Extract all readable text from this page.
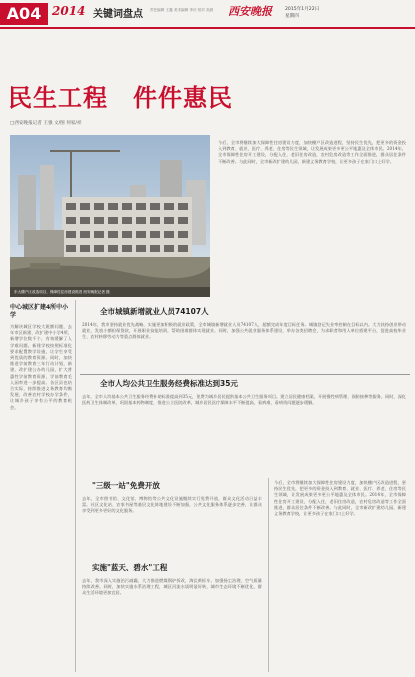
A04 2014 关键词盘点 责任编辑 王鑫 美术编辑 李庆 校对 高晨 西安晚报	2015年1月22日
星期四
民生工程　件件惠民
□西安晚报记者 王强 文/图 何家/祥
东大棚户区改造项目，保障性住房建设推进 西安晚报记者 摄
今后，全市将继续加大保障性住房建设力度，加快棚户区改造进程，坚持民生优先，把更多的资金投入到教育、就业、医疗、养老、住房等民生领域，让发展成果更多更公平地惠及全体市民。2014年，全市保障性住房开工建设，分配入住，老旧住房改造，农村危房改造等工作全面推进，群众居住条件不断改善。与此同时，全市新改扩建幼儿园，新建义务教育学校，让更多孩子在家门口上好学。
中心城区扩建4所中小学
为解决城区学校大班额问题，去年市区新建、改扩建中小学4所，新增学位数千个，有效缓解了入学难问题。新建学校按照标准化要求配置教学设施，让学生享受到优质的教育资源。同时，加快推进学前教育三年行动计划，新建、改扩建公办幼儿园，扩大普惠性学前教育资源，学前教育毛入园率进一步提高。各区县也结合实际，持续推进义务教育均衡发展，改善农村学校办学条件，让城乡孩子享有公平的教育机会。
全市城镇新增就业人员74107人
2014年，我市坚持就业优先战略，实施更加积极的就业政策，全市城镇新增就业人员74107人，超额完成年度目标任务。城镇登记失业率控制在目标以内。大力扶持创业带动就业，发放小额担保贷款，开展职业技能培训，帮助困难群体实现就业。同时，加强公共就业服务体系建设，举办各类招聘会，为求职者和用人单位搭建平台，促进高校毕业生、农村转移劳动力等重点群体就业。
全市人均公共卫生服务经费标准达到35元
去年，全市人均基本公共卫生服务经费补助标准提高到35元，免费为城乡居民提供基本公共卫生服务项目。建立居民健康档案，开展慢性病管理、预防接种等服务。同时，深化医药卫生体制改革，巩固基本药物制度，推进公立医院改革，城乡居民医疗保障水平不断提高，看病难、看病贵问题逐步缓解。
"三级一站"免费开放
去年，全市图书馆、文化馆、博物馆等公共文化设施继续实行免费开放，群众文化活动日益丰富。社区文化站、农家书屋等基层文化阵地建设不断加强，公共文化服务体系逐步完善，让群众享受到更多更好的文化服务。
实施"蓝天、碧水"工程
去年，我市深入实施治污减霾，大力推进燃煤锅炉拆改，淘汰黄标车，加强扬尘治理，空气质量持续改善。同时，加快实施水系治理工程，城区河流水质明显好转，城市生态环境不断优化，群众生活环境更加宜居。
今后，全市将继续加大保障性住房建设力度，加快棚户区改造进程，坚持民生优先，把更多的资金投入到教育、就业、医疗、养老、住房等民生领域，让发展成果更多更公平地惠及全体市民。2014年，全市保障性住房开工建设，分配入住，老旧住房改造，农村危房改造等工作全面推进，群众居住条件不断改善。与此同时，全市新改扩建幼儿园，新建义务教育学校，让更多孩子在家门口上好学。
